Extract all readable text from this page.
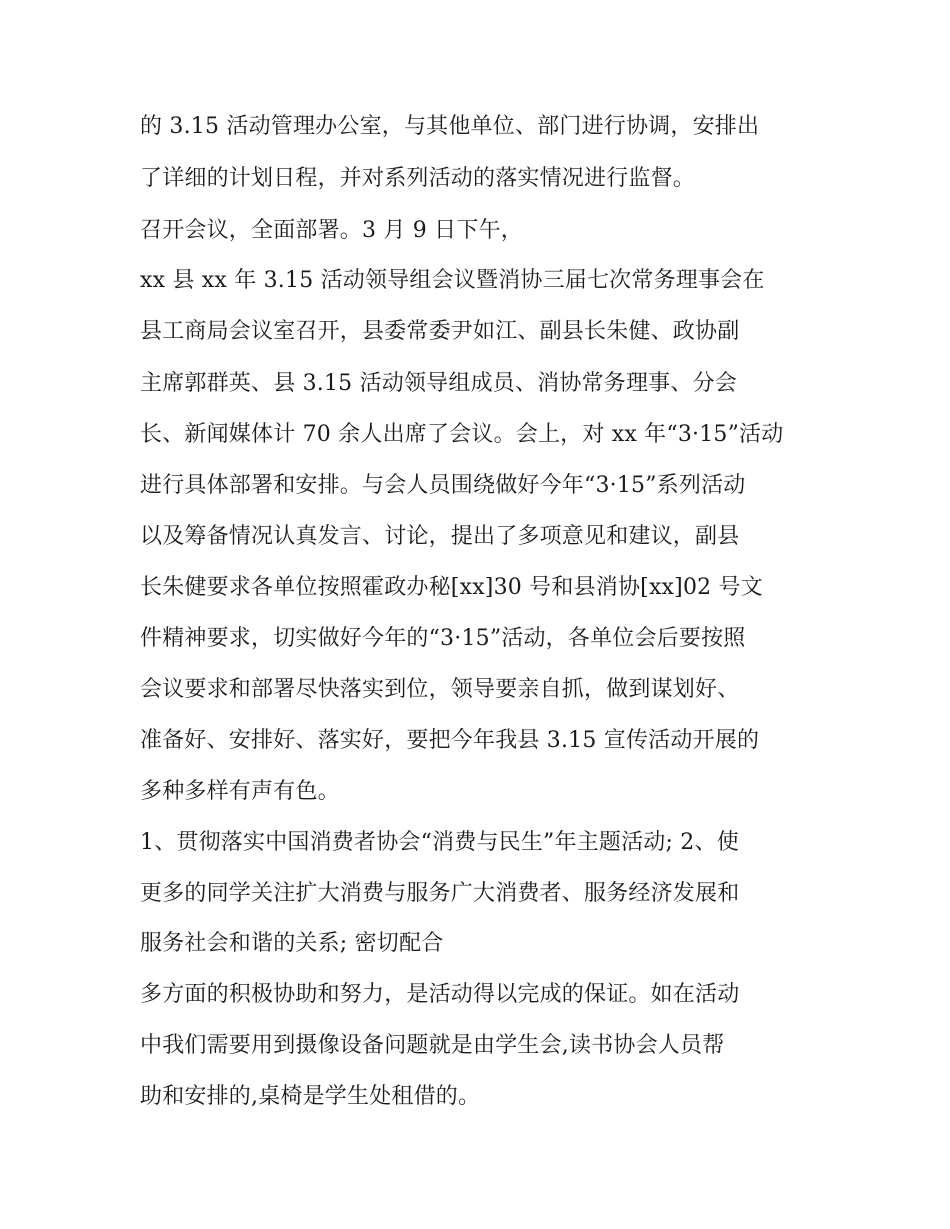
的 3.15 活动管理办公室，与其他单位、部门进行协调，安排出
了详细的计划日程，并对系列活动的落实情况进行监督。
召开会议，全面部署。3 月 9 日下午，
xx 县 xx 年 3.15 活动领导组会议暨消协三届七次常务理事会在
县工商局会议室召开，县委常委尹如江、副县长朱健、政协副
主席郭群英、县 3.15 活动领导组成员、消协常务理事、分会
长、新闻媒体计 70 余人出席了会议。会上，对 xx 年“3·15”活动
进行具体部署和安排。与会人员围绕做好今年“3·15”系列活动
以及筹备情况认真发言、讨论，提出了多项意见和建议，副县
长朱健要求各单位按照霍政办秘[xx]30 号和县消协[xx]02 号文
件精神要求，切实做好今年的“3·15”活动，各单位会后要按照
会议要求和部署尽快落实到位，领导要亲自抓，做到谋划好、
准备好、安排好、落实好，要把今年我县 3.15 宣传活动开展的
多种多样有声有色。
1、贯彻落实中国消费者协会“消费与民生”年主题活动; 2、使
更多的同学关注扩大消费与服务广大消费者、服务经济发展和
服务社会和谐的关系; 密切配合
多方面的积极协助和努力，是活动得以完成的保证。如在活动
中我们需要用到摄像设备问题就是由学生会,读书协会人员帮
助和安排的,桌椅是学生处租借的。
